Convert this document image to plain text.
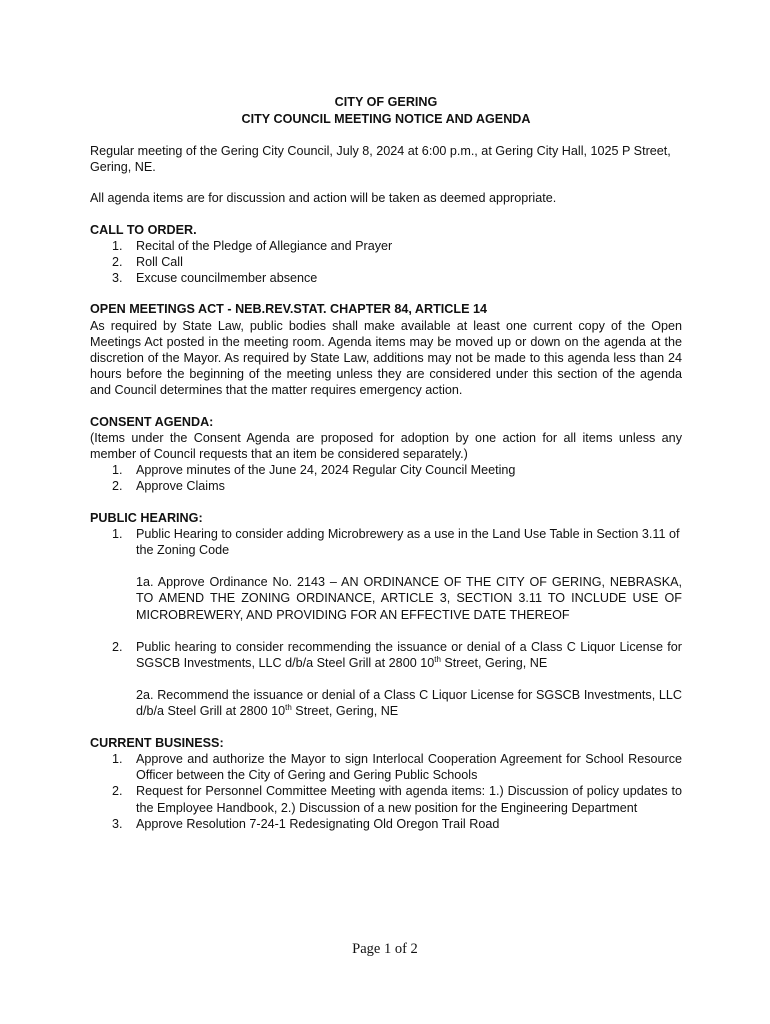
CITY OF GERING
CITY COUNCIL MEETING NOTICE AND AGENDA

Regular meeting of the Gering City Council, July 8, 2024 at 6:00 p.m., at Gering City Hall, 1025 P Street, Gering, NE.

All agenda items are for discussion and action will be taken as deemed appropriate.

CALL TO ORDER.

1. Recital of the Pledge of Allegiance and Prayer
2. Roll Call
3. Excuse councilmember absence

OPEN MEETINGS ACT - NEB.REV.STAT. CHAPTER 84, ARTICLE 14

As required by State Law, public bodies shall make available at least one current copy of the Open Meetings Act posted in the meeting room. Agenda items may be moved up or down on the agenda at the discretion of the Mayor. As required by State Law, additions may not be made to this agenda less than 24 hours before the beginning of the meeting unless they are considered under this section of the agenda and Council determines that the matter requires emergency action.

CONSENT AGENDA:

(Items under the Consent Agenda are proposed for adoption by one action for all items unless any member of Council requests that an item be considered separately.)

1. Approve minutes of the June 24, 2024 Regular City Council Meeting
2. Approve Claims

PUBLIC HEARING:

1. Public Hearing to consider adding Microbrewery as a use in the Land Use Table in Section 3.11 of the Zoning Code

1a. Approve Ordinance No. 2143 – AN ORDINANCE OF THE CITY OF GERING, NEBRASKA, TO AMEND THE ZONING ORDINANCE, ARTICLE 3, SECTION 3.11 TO INCLUDE USE OF MICROBREWERY, AND PROVIDING FOR AN EFFECTIVE DATE THEREOF

2. Public hearing to consider recommending the issuance or denial of a Class C Liquor License for SGSCB Investments, LLC d/b/a Steel Grill at 2800 10th Street, Gering, NE

2a. Recommend the issuance or denial of a Class C Liquor License for SGSCB Investments, LLC d/b/a Steel Grill at 2800 10th Street, Gering, NE

CURRENT BUSINESS:

1. Approve and authorize the Mayor to sign Interlocal Cooperation Agreement for School Resource Officer between the City of Gering and Gering Public Schools
2. Request for Personnel Committee Meeting with agenda items: 1.) Discussion of policy updates to the Employee Handbook, 2.) Discussion of a new position for the Engineering Department
3. Approve Resolution 7-24-1 Redesignating Old Oregon Trail Road
Page 1 of 2
